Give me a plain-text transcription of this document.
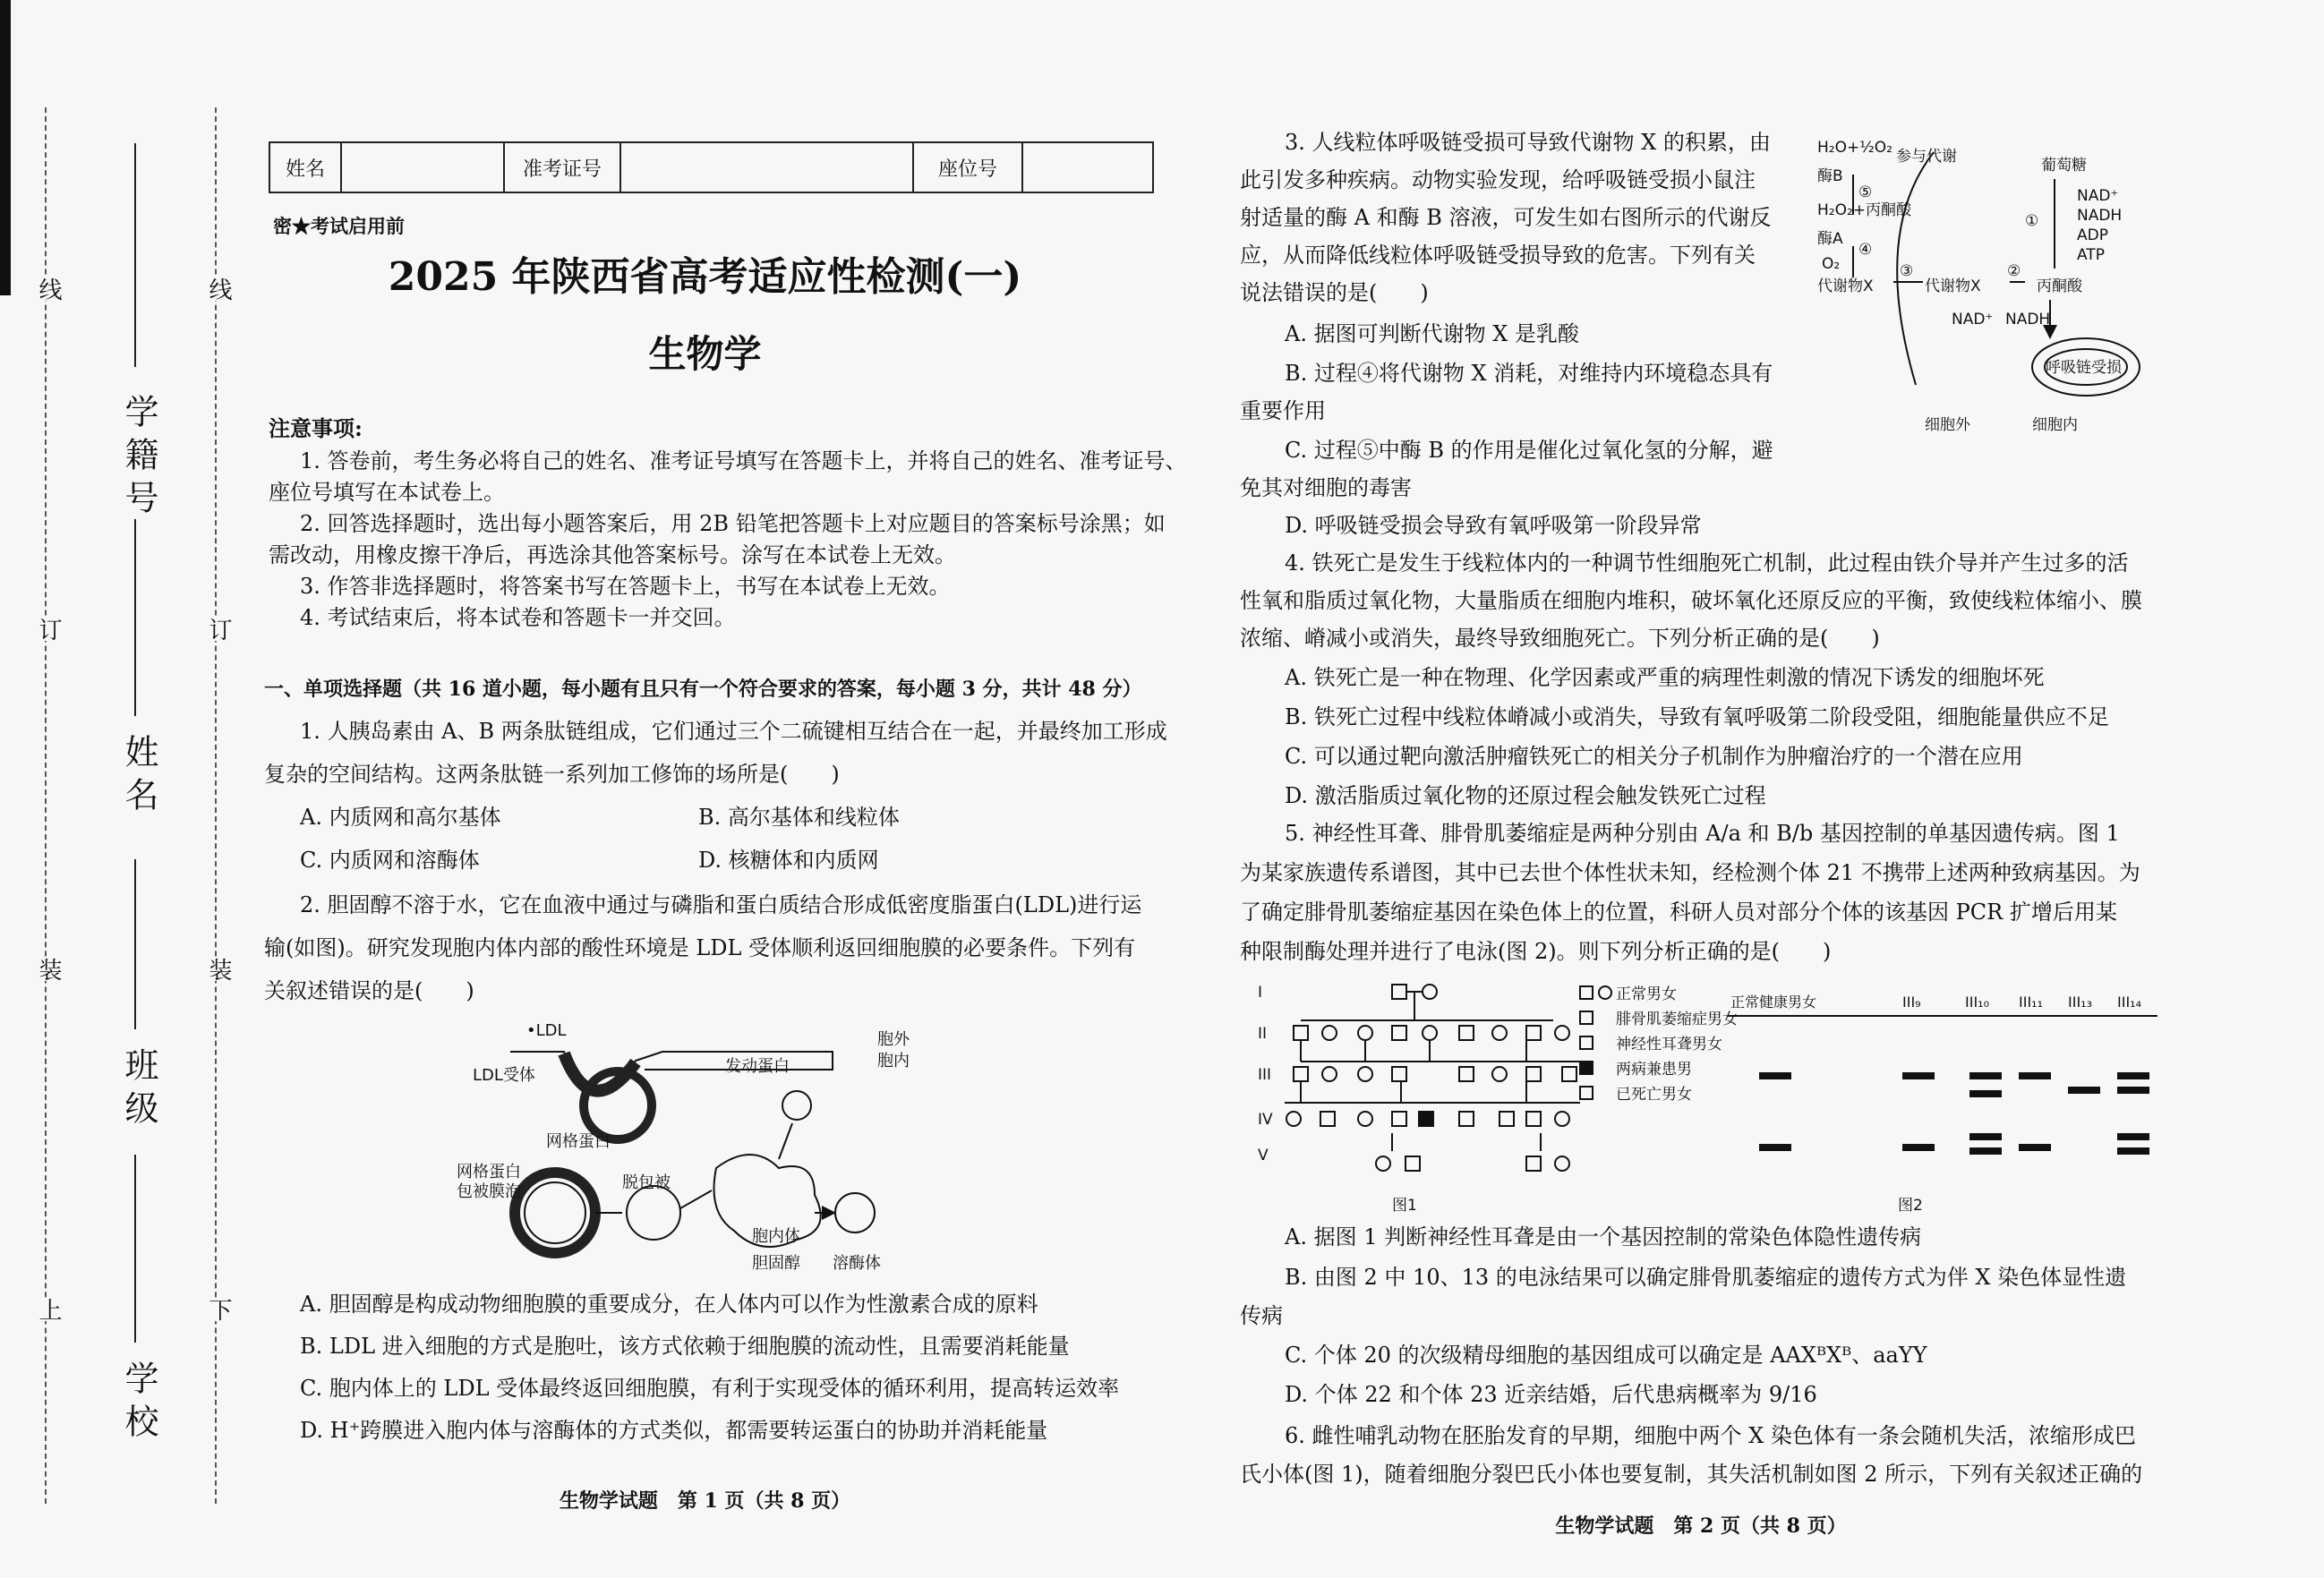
线
订
装
上
线
订
装
下
学籍号
姓名
班级
学校
姓名	准考证号	座位号
密★考试启用前
2025 年陕西省高考适应性检测(一)
生物学
注意事项:
1. 答卷前，考生务必将自己的姓名、准考证号填写在答题卡上，并将自己的姓名、准考证号、
座位号填写在本试卷上。
2. 回答选择题时，选出每小题答案后，用 2B 铅笔把答题卡上对应题目的答案标号涂黑；如
需改动，用橡皮擦干净后，再选涂其他答案标号。涂写在本试卷上无效。
3. 作答非选择题时，将答案书写在答题卡上，书写在本试卷上无效。
4. 考试结束后，将本试卷和答题卡一并交回。
一、单项选择题（共 16 道小题，每小题有且只有一个符合要求的答案，每小题 3 分，共计 48 分）
1. 人胰岛素由 A、B 两条肽链组成，它们通过三个二硫键相互结合在一起，并最终加工形成
复杂的空间结构。这两条肽链一系列加工修饰的场所是(　　)
A. 内质网和高尔基体	B. 高尔基体和线粒体
C. 内质网和溶酶体	D. 核糖体和内质网
2. 胆固醇不溶于水，它在血液中通过与磷脂和蛋白质结合形成低密度脂蛋白(LDL)进行运
输(如图)。研究发现胞内体内部的酸性环境是 LDL 受体顺利返回细胞膜的必要条件。下列有
关叙述错误的是(　　)
•LDL
LDL受体
胞外
胞内
发动蛋白
网格蛋白
网格蛋白
包被膜泡	脱包被
胞内体
胆固醇 溶酶体
A. 胆固醇是构成动物细胞膜的重要成分，在人体内可以作为性激素合成的原料
B. LDL 进入细胞的方式是胞吐，该方式依赖于细胞膜的流动性，且需要消耗能量
C. 胞内体上的 LDL 受体最终返回细胞膜，有利于实现受体的循环利用，提高转运效率
D. H⁺跨膜进入胞内体与溶酶体的方式类似，都需要转运蛋白的协助并消耗能量
生物学试题　第 1 页（共 8 页）
3. 人线粒体呼吸链受损可导致代谢物 X 的积累，由
此引发多种疾病。动物实验发现，给呼吸链受损小鼠注
射适量的酶 A 和酶 B 溶液，可发生如右图所示的代谢反
应，从而降低线粒体呼吸链受损导致的危害。下列有关
说法错误的是(　　)
A. 据图可判断代谢物 X 是乳酸
B. 过程④将代谢物 X 消耗，对维持内环境稳态具有
重要作用
C. 过程⑤中酶 B 的作用是催化过氧化氢的分解，避
免其对细胞的毒害
D. 呼吸链受损会导致有氧呼吸第一阶段异常
H₂O+½O₂ 参与代谢
酶B
⑤
H₂O₂+丙酮酸
酶A
④
O₂
代谢物X
③
代谢物X
②
丙酮酸
葡萄糖
①
NAD⁺
NADH
ADP
ATP
NAD⁺ NADH
呼吸链受损
细胞外	细胞内
4. 铁死亡是发生于线粒体内的一种调节性细胞死亡机制，此过程由铁介导并产生过多的活
性氧和脂质过氧化物，大量脂质在细胞内堆积，破坏氧化还原反应的平衡，致使线粒体缩小、膜
浓缩、嵴减小或消失，最终导致细胞死亡。下列分析正确的是(　　)
A. 铁死亡是一种在物理、化学因素或严重的病理性刺激的情况下诱发的细胞坏死
B. 铁死亡过程中线粒体嵴减小或消失，导致有氧呼吸第二阶段受阻，细胞能量供应不足
C. 可以通过靶向激活肿瘤铁死亡的相关分子机制作为肿瘤治疗的一个潜在应用
D. 激活脂质过氧化物的还原过程会触发铁死亡过程
5. 神经性耳聋、腓骨肌萎缩症是两种分别由 A/a 和 B/b 基因控制的单基因遗传病。图 1
为某家族遗传系谱图，其中已去世个体性状未知，经检测个体 21 不携带上述两种致病基因。为
了确定腓骨肌萎缩症基因在染色体上的位置，科研人员对部分个体的该基因 PCR 扩增后用某
种限制酶处理并进行了电泳(图 2)。则下列分析正确的是(　　)
I
II
III
IV
V
正常男女
腓骨肌萎缩症男女
神经性耳聋男女
两病兼患男
已死亡男女
图1	图2
正常健康男女	III₉	III₁₀ III₁₁ III₁₃ III₁₄
A. 据图 1 判断神经性耳聋是由一个基因控制的常染色体隐性遗传病
B. 由图 2 中 10、13 的电泳结果可以确定腓骨肌萎缩症的遗传方式为伴 X 染色体显性遗
传病
C. 个体 20 的次级精母细胞的基因组成可以确定是 AAXᴮXᴮ、aaYY
D. 个体 22 和个体 23 近亲结婚，后代患病概率为 9/16
6. 雌性哺乳动物在胚胎发育的早期，细胞中两个 X 染色体有一条会随机失活，浓缩形成巴
氏小体(图 1)，随着细胞分裂巴氏小体也要复制，其失活机制如图 2 所示，下列有关叙述正确的
生物学试题　第 2 页（共 8 页）
